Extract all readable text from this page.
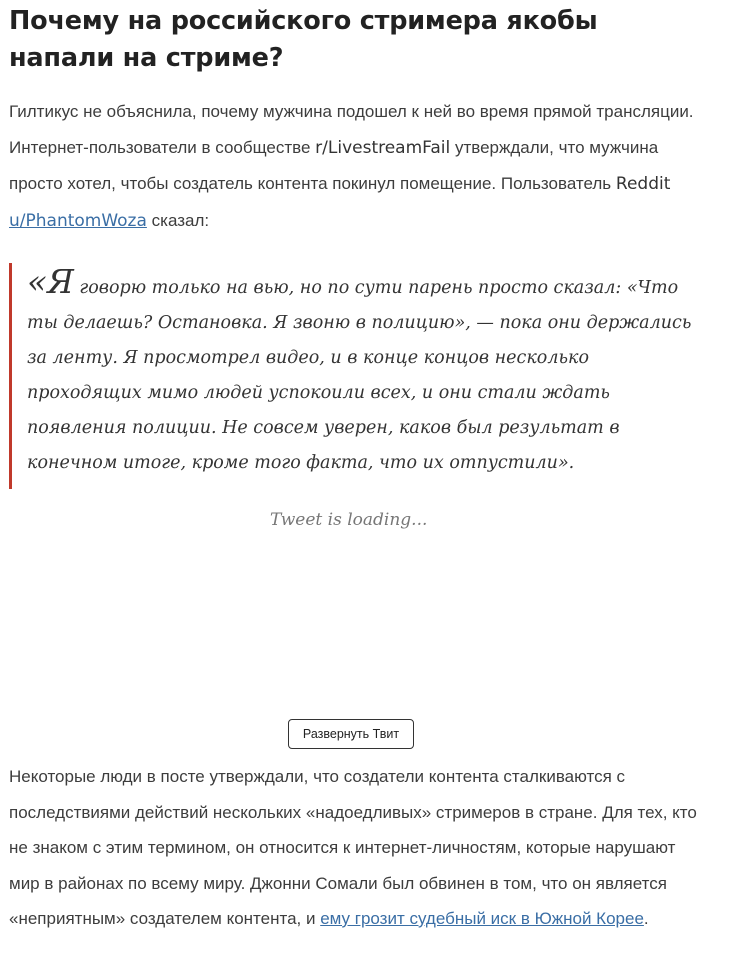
Почему на российского стримера якобы напали на стриме?

Гилтикус не объяснила, почему мужчина подошел к ней во время прямой трансляции. Интернет-пользователи в сообществе r/LivestreamFail утверждали, что мужчина просто хотел, чтобы создатель контента покинул помещение. Пользователь Reddit u/PhantomWoza сказал:

«Я говорю только на вью, но по сути парень просто сказал: «Что ты делаешь? Остановка. Я звоню в полицию», — пока они держались за ленту. Я просмотрел видео, и в конце концов несколько проходящих мимо людей успокоили всех, и они стали ждать появления полиции. Не совсем уверен, каков был результат в конечном итоге, кроме того факта, что их отпустили».

Tweet is loading...
Развернуть Твит

Некоторые люди в посте утверждали, что создатели контента сталкиваются с последствиями действий нескольких «надоедливых» стримеров в стране. Для тех, кто не знаком с этим термином, он относится к интернет-личностям, которые нарушают мир в районах по всему миру. Джонни Сомали был обвинен в том, что он является «неприятным» создателем контента, и ему грозит судебный иск в Южной Корее.
